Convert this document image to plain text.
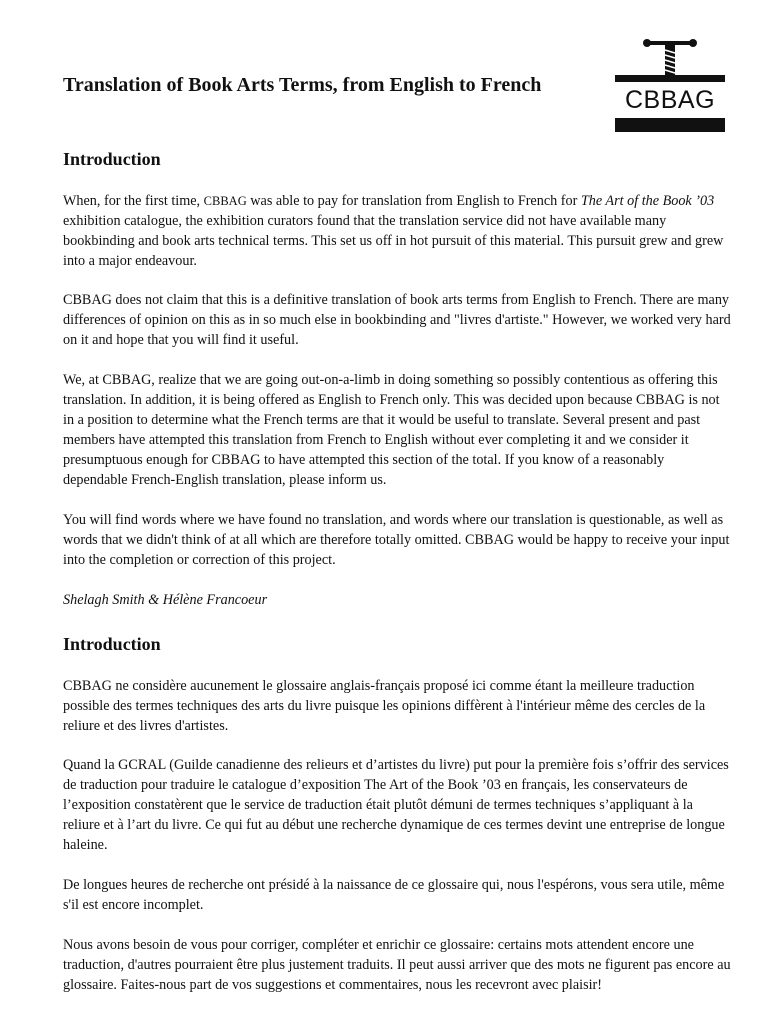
Translation of Book Arts Terms, from English to French
CBBAG
Introduction

When, for the first time, CBBAG was able to pay for translation from English to French for The Art of the Book ’03 exhibition catalogue, the exhibition curators found that the translation service did not have available many bookbinding and book arts technical terms. This set us off in hot pursuit of this material. This pursuit grew and grew into a major endeavour.

CBBAG does not claim that this is a definitive translation of book arts terms from English to French. There are many differences of opinion on this as in so much else in bookbinding and "livres d'artiste." However, we worked very hard on it and hope that you will find it useful.

We, at CBBAG, realize that we are going out-on-a-limb in doing something so possibly contentious as offering this translation. In addition, it is being offered as English to French only. This was decided upon because CBBAG is not in a position to determine what the French terms are that it would be useful to translate. Several present and past members have attempted this translation from French to English without ever completing it and we consider it presumptuous enough for CBBAG to have attempted this section of the total. If you know of a reasonably dependable French-English translation, please inform us.

You will find words where we have found no translation, and words where our translation is questionable, as well as words that we didn't think of at all which are therefore totally omitted. CBBAG would be happy to receive your input into the completion or correction of this project.

Shelagh Smith & Hélène Francoeur

Introduction

CBBAG ne considère aucunement le glossaire anglais-français proposé ici comme étant la meilleure traduction possible des termes techniques des arts du livre puisque les opinions diffèrent à l'intérieur même des cercles de la reliure et des livres d'artistes.

Quand la GCRAL (Guilde canadienne des relieurs et d’artistes du livre) put pour la première fois s’offrir des services de traduction pour traduire le catalogue d’exposition The Art of the Book ’03 en français, les conservateurs de l’exposition constatèrent que le service de traduction était plutôt démuni de termes techniques s’appliquant à la reliure et à l’art du livre. Ce qui fut au début une recherche dynamique de ces termes devint une entreprise de longue haleine.

De longues heures de recherche ont présidé à la naissance de ce glossaire qui, nous l'espérons, vous sera utile, même s'il est encore incomplet.

Nous avons besoin de vous pour corriger, compléter et enrichir ce glossaire: certains mots attendent encore une traduction, d'autres pourraient être plus justement traduits. Il peut aussi arriver que des mots ne figurent pas encore au glossaire. Faites-nous part de vos suggestions et commentaires, nous les recevront avec plaisir!
